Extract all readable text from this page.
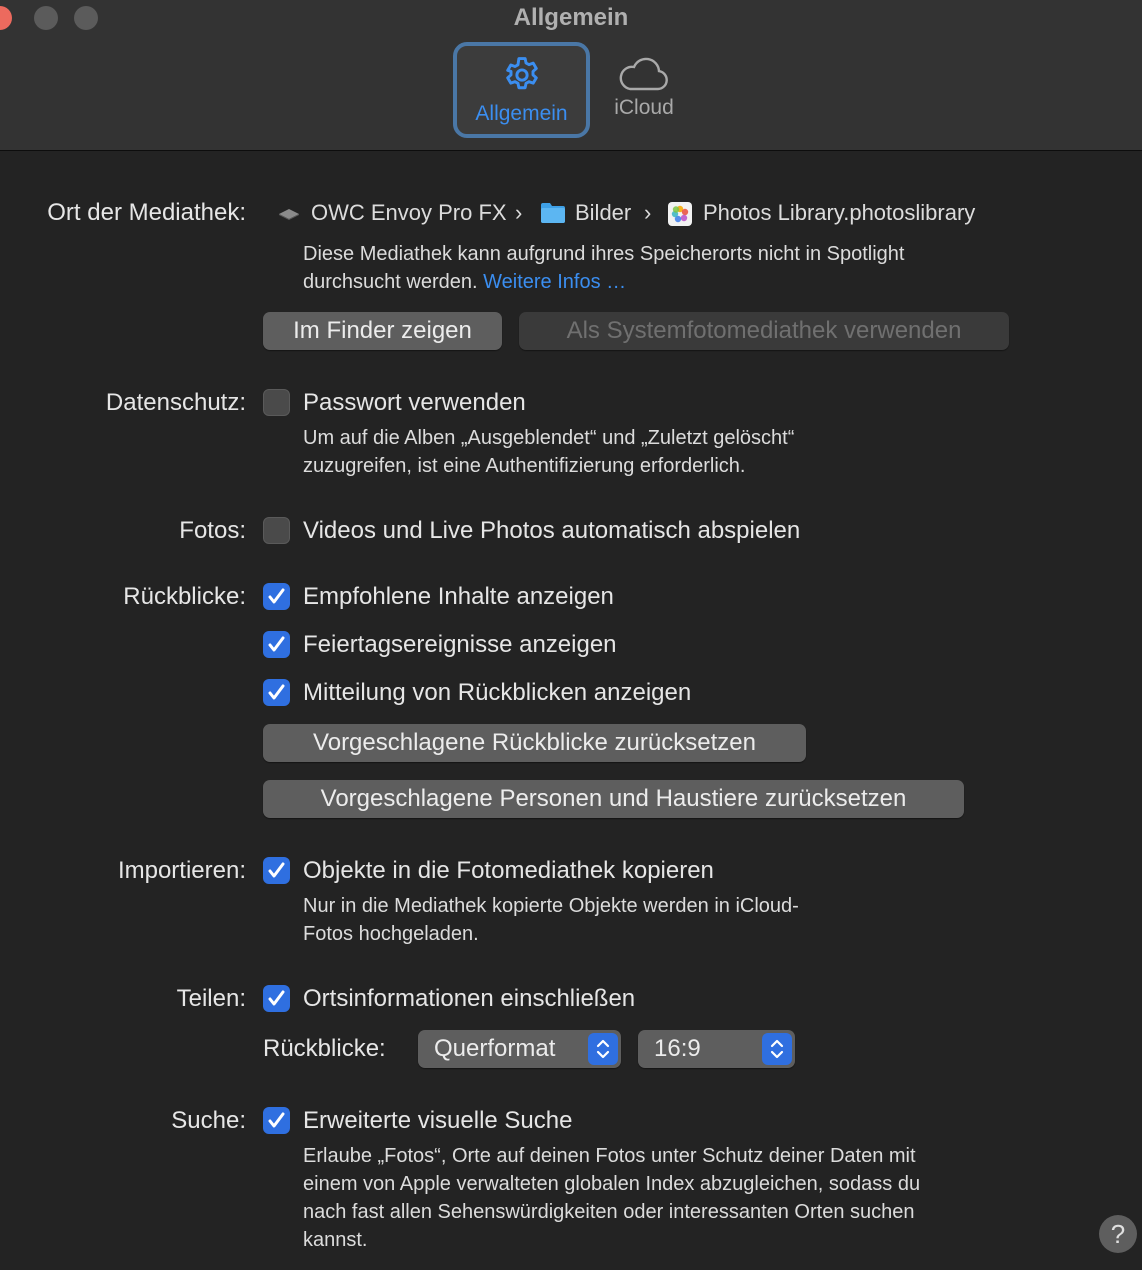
Allgemein
Allgemein	iCloud
Ort der Mediathek:	OWC Envoy Pro FX › Bilder › Photos Library.photoslibrary
Diese Mediathek kann aufgrund ihres Speicherorts nicht in Spotlight
durchsucht werden. Weitere Infos …
Im Finder zeigen	Als Systemfotomediathek verwenden
Datenschutz: Passwort verwenden
Um auf die Alben „Ausgeblendet“ und „Zuletzt gelöscht“
zuzugreifen, ist eine Authentifizierung erforderlich.
Fotos: Videos und Live Photos automatisch abspielen
Rückblicke: Empfohlene Inhalte anzeigen
Feiertagsereignisse anzeigen
Mitteilung von Rückblicken anzeigen
Vorgeschlagene Rückblicke zurücksetzen
Vorgeschlagene Personen und Haustiere zurücksetzen
Importieren: Objekte in die Fotomediathek kopieren
Nur in die Mediathek kopierte Objekte werden in iCloud-
Fotos hochgeladen.
Teilen: Ortsinformationen einschließen
Rückblicke:	Querformat	16:9
Suche: Erweiterte visuelle Suche
Erlaube „Fotos“, Orte auf deinen Fotos unter Schutz deiner Daten mit
einem von Apple verwalteten globalen Index abzugleichen, sodass du
nach fast allen Sehenswürdigkeiten oder interessanten Orten suchen
kannst.	?
